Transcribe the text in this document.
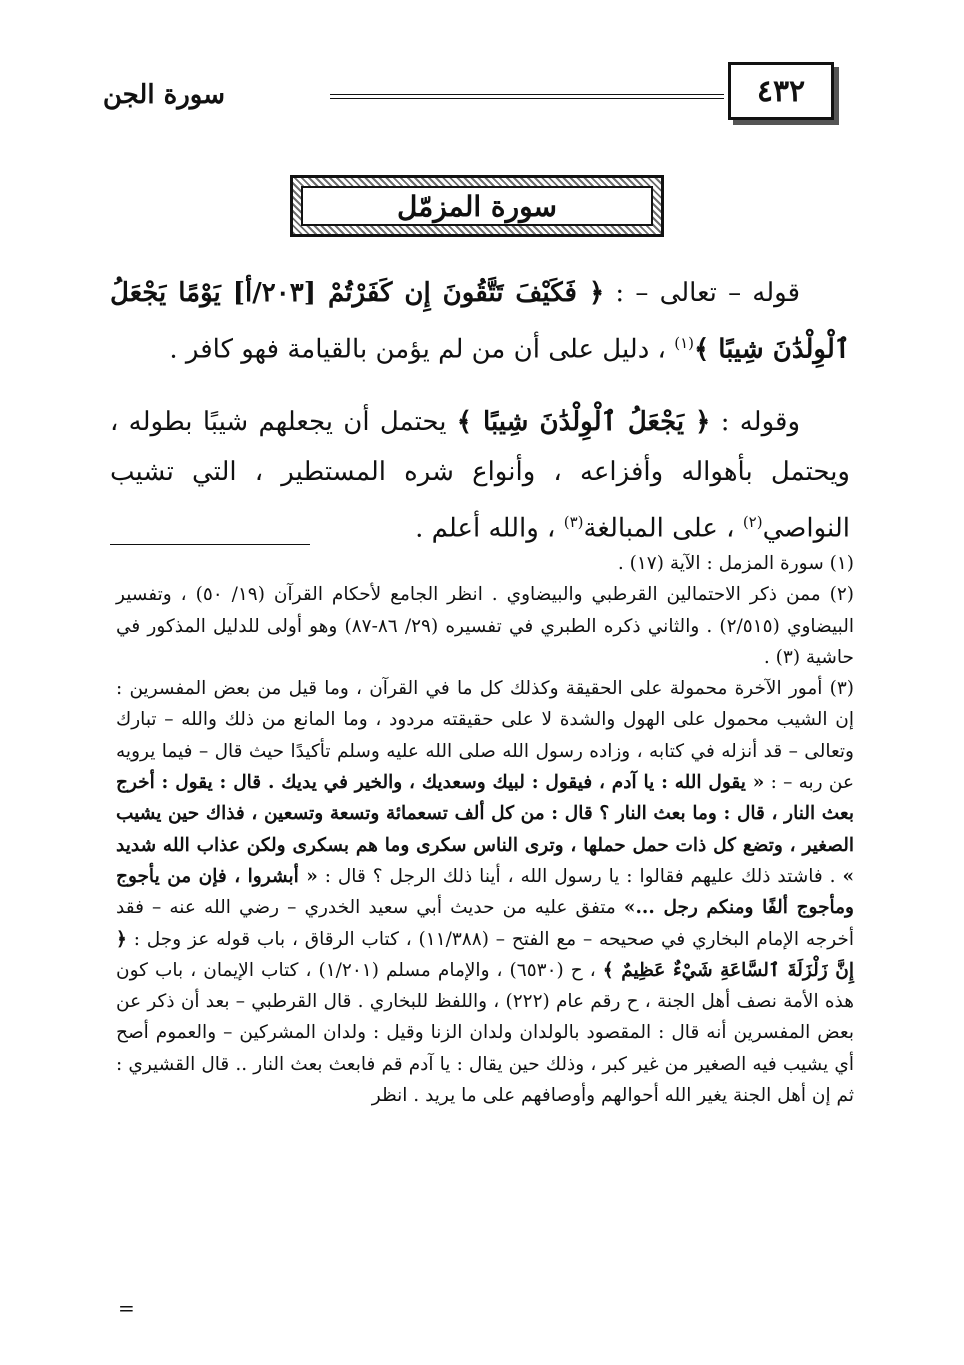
٤٣٢
سورة الجن
سورة المزمّل

قوله – تعالى – : ﴿ فَكَيْفَ تَتَّقُونَ إِن كَفَرْتُمْ [٢٠٣/أ] يَوْمًا يَجْعَلُ ٱلْوِلْدَٰنَ شِيبًا ﴾$^{(١)}$ ، دليل على أن من لم يؤمن بالقيامة فهو كافر .

وقوله : ﴿ يَجْعَلُ ٱلْوِلْدَٰنَ شِيبًا ﴾ يحتمل أن يجعلهم شيبًا بطوله ، ويحتمل بأهواله وأفزاعه ، وأنواع شره المستطير ، التي تشيب النواصي$^{(٢)}$ ، على المبالغة$^{(٣)}$ ، والله أعلم .

(١) سورة المزمل : الآية (١٧) .

(٢) ممن ذكر الاحتمالين القرطبي والبيضاوي . انظر الجامع لأحكام القرآن (١٩/ ٥٠) ، وتفسير البيضاوي (٢/٥١٥) . والثاني ذكره الطبري في تفسيره (٢٩/ ٨٦-٨٧) وهو أولى للدليل المذكور في حاشية (٣) .

(٣) أمور الآخرة محمولة على الحقيقة وكذلك كل ما في القرآن ، وما قيل من بعض المفسرين : إن الشيب محمول على الهول والشدة لا على حقيقته مردود ، وما المانع من ذلك والله – تبارك وتعالى – قد أنزله في كتابه ، وزاده رسول الله صلى الله عليه وسلم تأكيدًا حيث قال – فيما يرويه عن ربه – : « يقول الله : يا آدم ، فيقول : لبيك وسعديك ، والخير في يديك . قال : يقول : أخرج بعث النار ، قال : وما بعث النار ؟ قال : من كل ألف تسعمائة وتسعة وتسعين ، فذاك حين يشيب الصغير ، وتضع كل ذات حمل حملها ، وترى الناس سكرى وما هم بسكرى ولكن عذاب الله شديد » . فاشتد ذلك عليهم فقالوا : يا رسول الله ، أينا ذلك الرجل ؟ قال : « أبشروا ، فإن من يأجوج ومأجوج ألفًا ومنكم رجل ...» متفق عليه من حديث أبي سعيد الخدري – رضي الله عنه – فقد أخرجه الإمام البخاري في صحيحه – مع الفتح – (١١/٣٨٨) ، كتاب الرقاق ، باب قوله عز وجل : ﴿ إِنَّ زَلْزَلَةَ ٱلسَّاعَةِ شَيْءٌ عَظِيمٌ ﴾ ، ح (٦٥٣٠) ، والإمام مسلم (١/٢٠١) ، كتاب الإيمان ، باب كون هذه الأمة نصف أهل الجنة ، ح رقم عام (٢٢٢) ، واللفظ للبخاري . قال القرطبي – بعد أن ذكر عن بعض المفسرين أنه قال : المقصود بالولدان ولدان الزنا وقيل : ولدان المشركين – والعموم أصح أي يشيب فيه الصغير من غير كبر ، وذلك حين يقال : يا آدم قم فابعث بعث النار .. قال القشيري : ثم إن أهل الجنة يغير الله أحوالهم وأوصافهم على ما يريد . انظر

=
